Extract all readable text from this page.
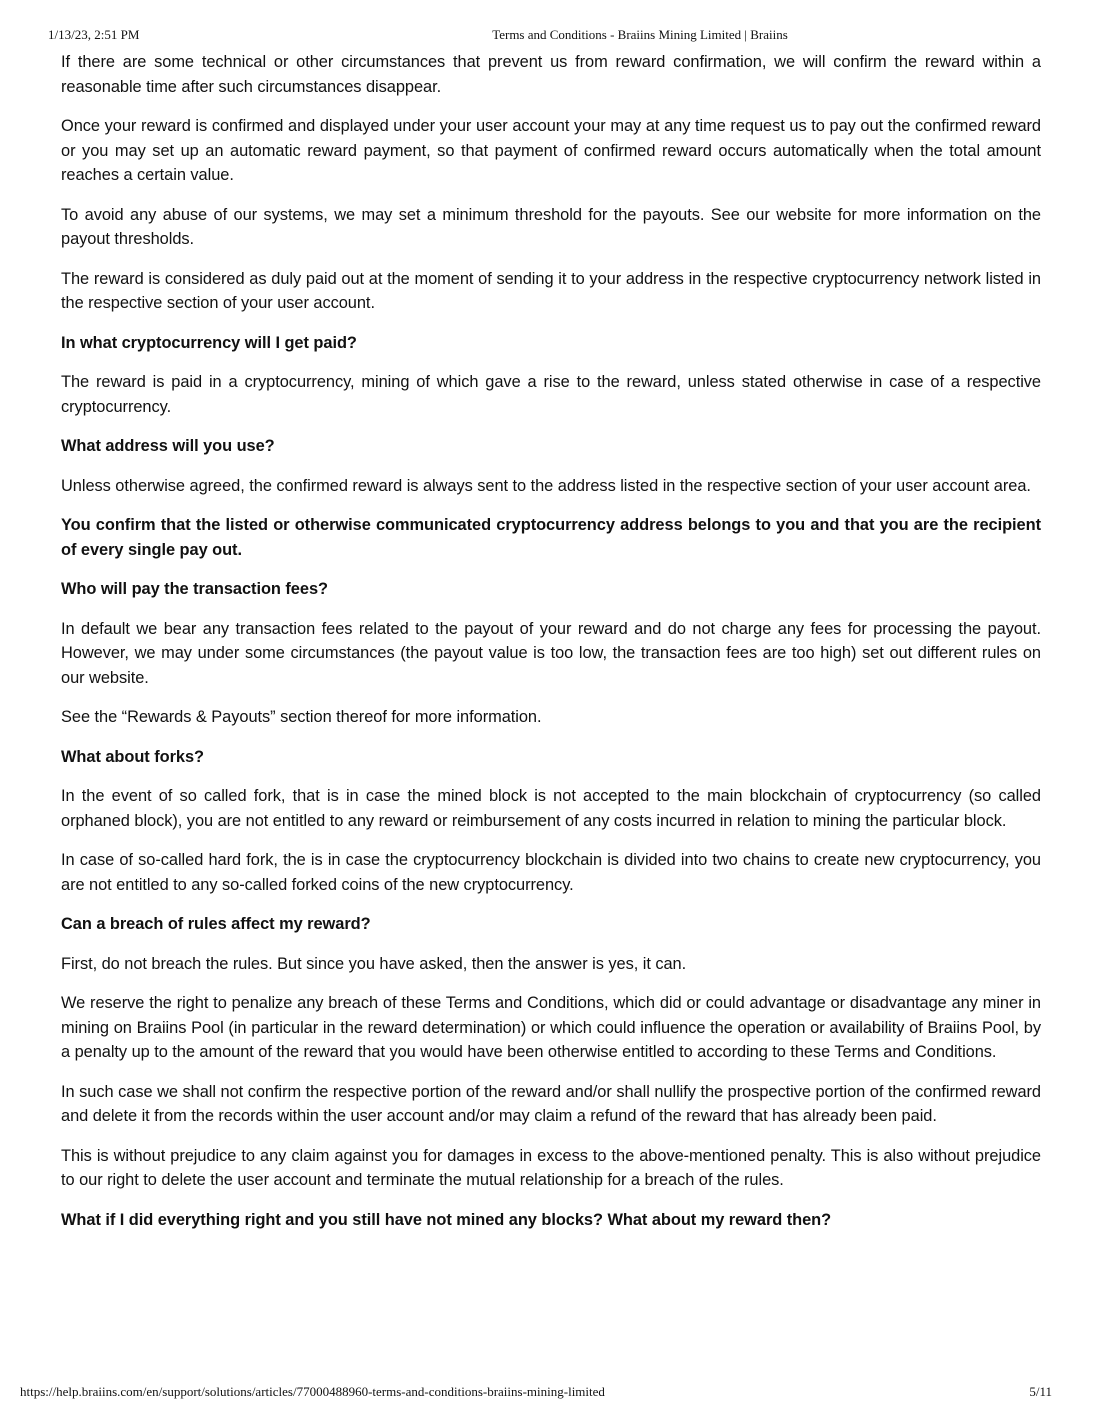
1/13/23, 2:51 PM	Terms and Conditions - Braiins Mining Limited | Braiins

If there are some technical or other circumstances that prevent us from reward confirmation, we will confirm the reward within a reasonable time after such circumstances disappear.

Once your reward is confirmed and displayed under your user account your may at any time request us to pay out the confirmed reward or you may set up an automatic reward payment, so that payment of confirmed reward occurs automatically when the total amount reaches a certain value.

To avoid any abuse of our systems, we may set a minimum threshold for the payouts. See our website for more information on the payout thresholds.

The reward is considered as duly paid out at the moment of sending it to your address in the respective cryptocurrency network listed in the respective section of your user account.

In what cryptocurrency will I get paid?

The reward is paid in a cryptocurrency, mining of which gave a rise to the reward, unless stated otherwise in case of a respective cryptocurrency.

What address will you use?

Unless otherwise agreed, the confirmed reward is always sent to the address listed in the respective section of your user account area.

You confirm that the listed or otherwise communicated cryptocurrency address belongs to you and that you are the recipient of every single pay out.

Who will pay the transaction fees?

In default we bear any transaction fees related to the payout of your reward and do not charge any fees for processing the payout. However, we may under some circumstances (the payout value is too low, the transaction fees are too high) set out different rules on our website.

See the “Rewards & Payouts” section thereof for more information.

What about forks?

In the event of so called fork, that is in case the mined block is not accepted to the main blockchain of cryptocurrency (so called orphaned block), you are not entitled to any reward or reimbursement of any costs incurred in relation to mining the particular block.

In case of so-called hard fork, the is in case the cryptocurrency blockchain is divided into two chains to create new cryptocurrency, you are not entitled to any so-called forked coins of the new cryptocurrency.

Can a breach of rules affect my reward?

First, do not breach the rules. But since you have asked, then the answer is yes, it can.

We reserve the right to penalize any breach of these Terms and Conditions, which did or could advantage or disadvantage any miner in mining on Braiins Pool (in particular in the reward determination) or which could influence the operation or availability of Braiins Pool, by a penalty up to the amount of the reward that you would have been otherwise entitled to according to these Terms and Conditions.

In such case we shall not confirm the respective portion of the reward and/or shall nullify the prospective portion of the confirmed reward and delete it from the records within the user account and/or may claim a refund of the reward that has already been paid.

This is without prejudice to any claim against you for damages in excess to the above-mentioned penalty. This is also without prejudice to our right to delete the user account and terminate the mutual relationship for a breach of the rules.

What if I did everything right and you still have not mined any blocks? What about my reward then?
https://help.braiins.com/en/support/solutions/articles/77000488960-terms-and-conditions-braiins-mining-limited	5/11
